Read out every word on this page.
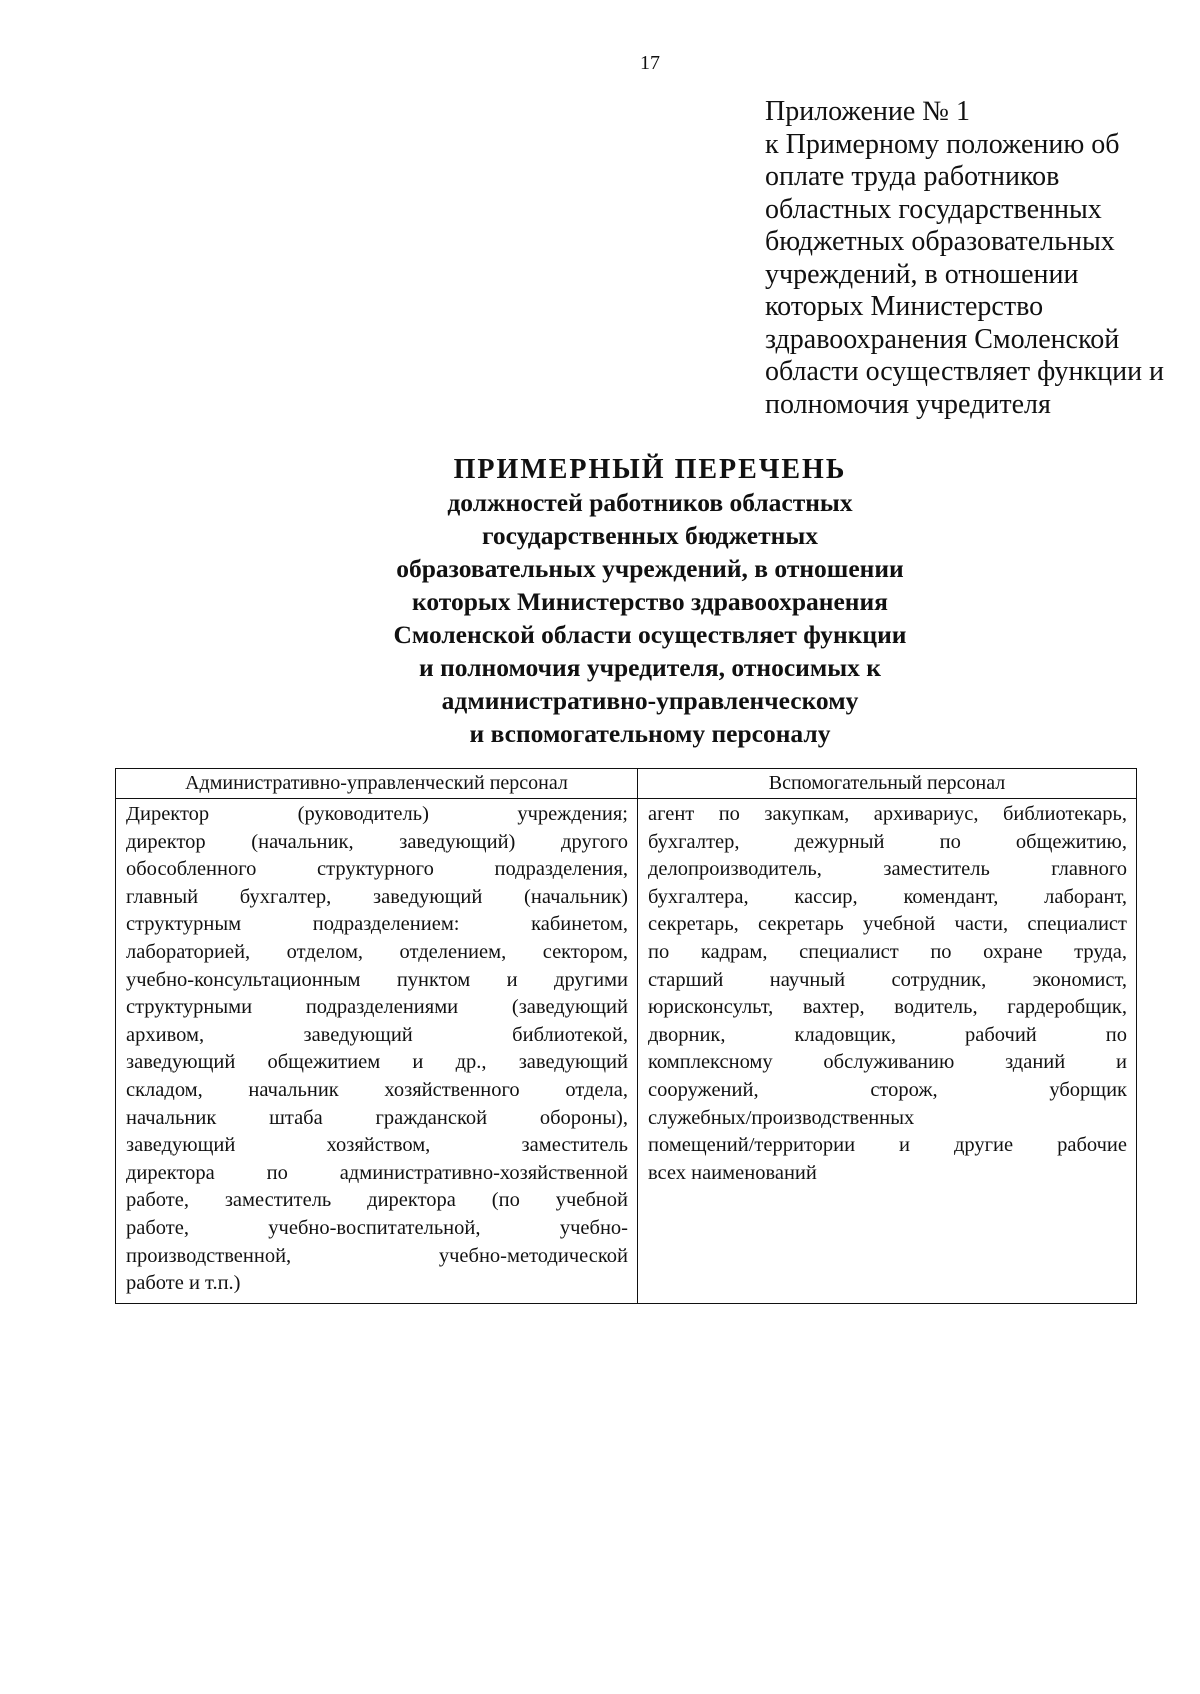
17
Приложение № 1
к Примерному положению об
оплате труда работников
областных государственных
бюджетных образовательных
учреждений, в отношении
которых Министерство
здравоохранения Смоленской
области осуществляет функции и
полномочия учредителя
ПРИМЕРНЫЙ ПЕРЕЧЕНЬ
должностей работников областных
государственных бюджетных
образовательных учреждений, в отношении
которых Министерство здравоохранения
Смоленской области осуществляет функции
и полномочия учредителя, относимых к
административно-управленческому
и вспомогательному персоналу
Административно-управленческий персонал	Вспомогательный персонал
Директор (руководитель) учреждения;
директор (начальник, заведующий) другого
обособленного структурного подразделения,
главный бухгалтер, заведующий (начальник)
структурным подразделением: кабинетом,
лабораторией, отделом, отделением, сектором,
учебно-консультационным пунктом и другими
структурными подразделениями (заведующий
архивом, заведующий библиотекой,
заведующий общежитием и др., заведующий
складом, начальник хозяйственного отдела,
начальник штаба гражданской обороны),
заведующий хозяйством, заместитель
директора по административно-хозяйственной
работе, заместитель директора (по учебной
работе, учебно-воспитательной, учебно-
производственной, учебно-методической
работе и т.п.)
агент по закупкам, архивариус, библиотекарь,
бухгалтер, дежурный по общежитию,
делопроизводитель, заместитель главного
бухгалтера, кассир, комендант, лаборант,
секретарь, секретарь учебной части, специалист
по кадрам, специалист по охране труда,
старший научный сотрудник, экономист,
юрисконсульт, вахтер, водитель, гардеробщик,
дворник, кладовщик, рабочий по
комплексному обслуживанию зданий и
сооружений, сторож, уборщик
служебных/производственных
помещений/территории и другие рабочие
всех наименований
